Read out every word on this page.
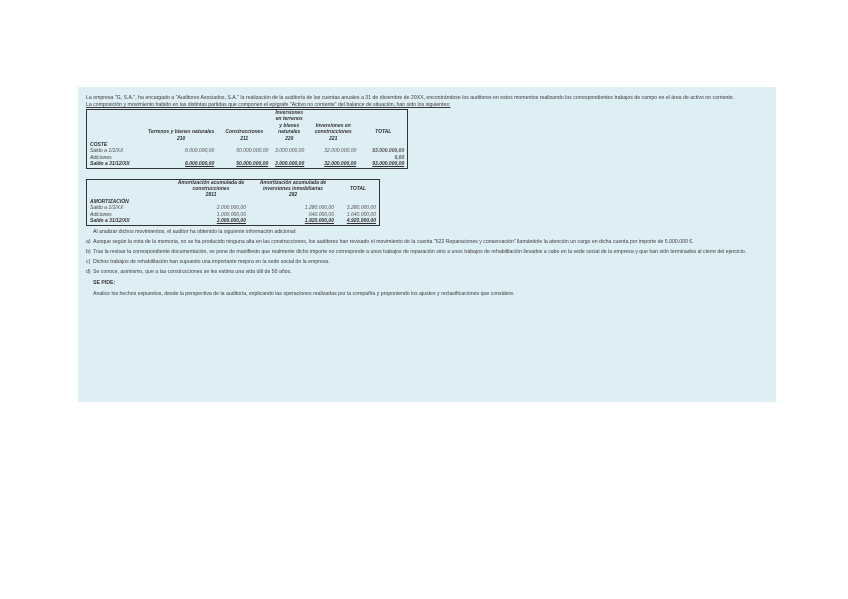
La empresa "G, S.A.", ha encargado a "Auditores Asociados, S.A." la realización de la auditoría de las cuentas anuales a 31 de diciembre de 20XX, encontrándose los auditores en estos momentos realizando los correspondientes trabajos de campo en el área de activo no corriente.

La composición y movimiento habido en las distintas partidas que componen el epígrafe "Activo no corriente" del balance de situación, han sido los siguientes:

	Terrenos y bienes naturales	Construcciones	Inversiones en terrenos y bienes naturales	Inversiones en construcciones	TOTAL
	210	211	220	221	
COSTE					
Saldo a 1/1/XX	8.000.000,00	50.000.000,00	3.000.000,00	32.000.000,00	93.000.000,00
Adiciones					0,00
Saldo a 31/12/XX	8.000.000,00	50.000.000,00	3.000.000,00	32.000.000,00	93.000.000,00
	Amortización acumulada de construcciones	Amortización acumulada de inversiones inmobiliarias	TOTAL
	2811	282	
AMORTIZACIÓN			
Saldo a 1/1/XX	2.000.000,00	1.280.000,00	3.280.000,00
Adiciones	1.000.000,00	640.000,00	1.640.000,00
Saldo a 31/12/XX	3.000.000,00	1.920.000,00	4.920.000,00

Al analizar dichos movimientos, el auditor ha obtenido la siguiente información adicional:

a) Aunque según la nota de la memoria, no se ha producido ninguna alta en las construcciones, los auditores han revisado el movimiento de la cuenta "622 Reparaciones y conservación" llamándole la atención un cargo en dicha cuenta por importe de 5.000.000 €.
b) Tras la revisar la correspondiente documentación, se pone de manifiesto que realmente dicho importe no corresponde a unos trabajos de reparación sino a unos trabajos de rehabilitación llevados a cabo en la sede social de la empresa y que han sido terminados al cierre del ejercicio.
c) Dichos trabajos de rehabilitación han supuesto una importante mejora en la sede social de la empresa.
d) Se conoce, asimismo, que a las construcciones se les estima una vida útil de 50 años.

SE PIDE:

Analice los hechos expuestos, desde la perspectiva de la auditoría, explicando las operaciones realizadas por la compañía y proponiendo los ajustes y reclasificaciones que considere.
